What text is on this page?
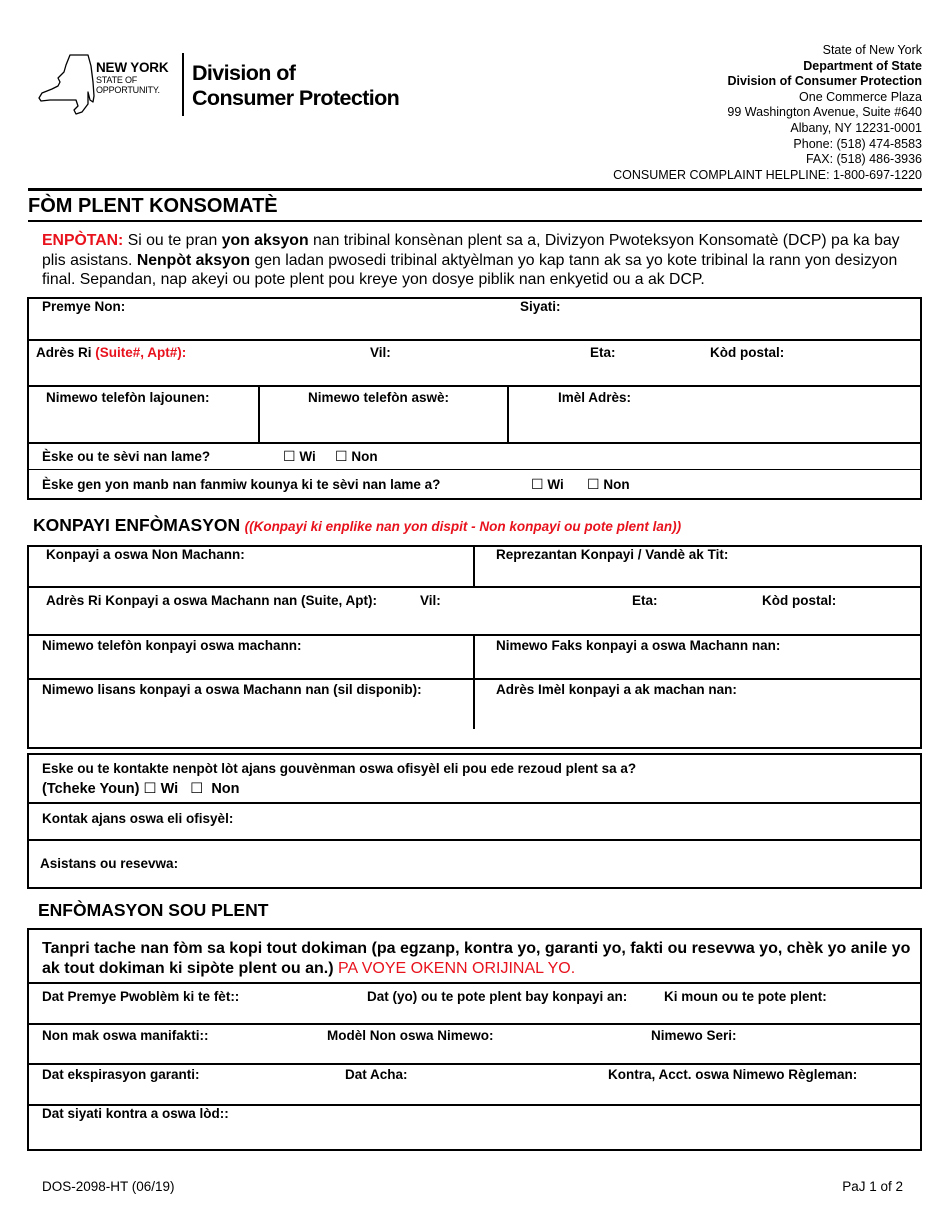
NEW YORK
STATE OF
OPPORTUNITY.
Division of
Consumer Protection
State of New York
Department of State
Division of Consumer Protection
One Commerce Plaza
99 Washington Avenue, Suite #640
Albany, NY 12231-0001
Phone: (518) 474-8583
FAX: (518) 486-3936
CONSUMER COMPLAINT HELPLINE: 1-800-697-1220
FÒM PLENT KONSOMATÈ
ENPÒTAN: Si ou te pran yon aksyon nan tribinal konsènan plent sa a, Divizyon Pwoteksyon Konsomatè (DCP) pa ka bay plis asistans. Nenpòt aksyon gen ladan pwosedi tribinal aktyèlman yo kap tann ak sa yo kote tribinal la rann yon desizyon final. Sepandan, nap akeyi ou pote plent pou kreye yon dosye piblik nan enkyetid ou a ak DCP.
Premye Non:	Siyati:
Adrès Ri (Suite#, Apt#):	Vil:	Eta:	Kòd postal:
Nimewo telefòn lajounen:	Nimewo telefòn aswè:	Imèl Adrès:
Èske ou te sèvi nan lame?	☐ Wi ☐ Non
Èske gen yon manb nan fanmiw kounya ki te sèvi nan lame a?	☐ Wi ☐ Non
KONPAYI ENFÒMASYON ((Konpayi ki enplike nan yon dispit - Non konpayi ou pote plent lan))
Konpayi a oswa Non Machann:	Reprezantan Konpayi / Vandè ak Tit:
Adrès Ri Konpayi a oswa Machann nan (Suite, Apt):	Vil:	Eta:	Kòd postal:
Nimewo telefòn konpayi oswa machann:	Nimewo Faks konpayi a oswa Machann nan:
Nimewo lisans konpayi a oswa Machann nan (sil disponib):	Adrès Imèl konpayi a ak machan nan:
Eske ou te kontakte nenpòt lòt ajans gouvènman oswa ofisyèl eli pou ede rezoud plent sa a?
(Tcheke Youn) ☐ Wi ☐ Non
Kontak ajans oswa eli ofisyèl:
Asistans ou resevwa:
ENFÒMASYON SOU PLENT
Tanpri tache nan fòm sa kopi tout dokiman (pa egzanp, kontra yo, garanti yo, fakti ou resevwa yo, chèk yo anile yo ak tout dokiman ki sipòte plent ou an.) PA VOYE OKENN ORIJINAL YO.
Dat Premye Pwoblèm ki te fèt::	Dat (yo) ou te pote plent bay konpayi an:	Ki moun ou te pote plent:
Non mak oswa manifakti::	Modèl Non oswa Nimewo:	Nimewo Seri:
Dat ekspirasyon garanti:	Dat Acha:	Kontra, Acct. oswa Nimewo Règleman:
Dat siyati kontra a oswa lòd::
DOS-2098-HT (06/19)	PaJ 1 of 2
